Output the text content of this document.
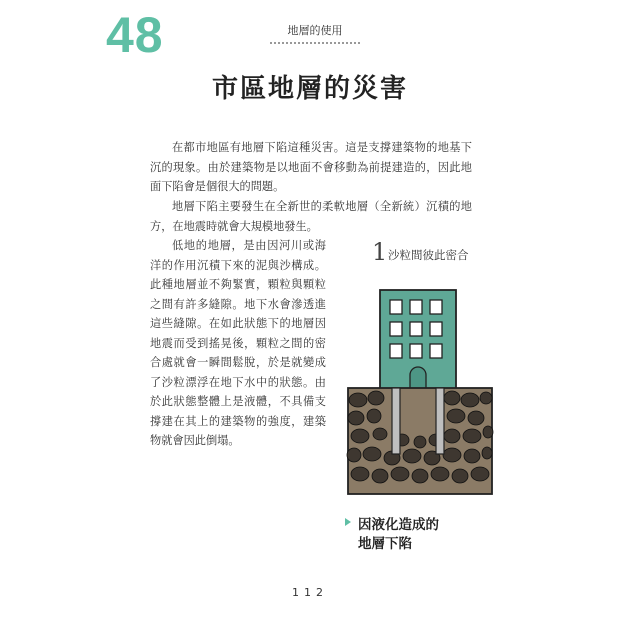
48	地層的使用
市區地層的災害

在都市地區有地層下陷這種災害。這是支撐建築物的地基下沉的現象。由於建築物是以地面不會移動為前提建造的，因此地面下陷會是個很大的問題。

地層下陷主要發生在全新世的柔軟地層（全新統）沉積的地方，在地震時就會大規模地發生。

低地的地層，是由因河川或海洋的作用沉積下來的泥與沙構成。此種地層並不夠緊實，顆粒與顆粒之間有許多縫隙。地下水會滲透進這些縫隙。在如此狀態下的地層因地震而受到搖晃後，顆粒之間的密合處就會一瞬間鬆脫，於是就變成了沙粒漂浮在地下水中的狀態。由於此狀態整體上是液體，不具備支撐建在其上的建築物的強度，建築物就會因此倒塌。

1 沙粒間彼此密合
因液化造成的
地層下陷
112
